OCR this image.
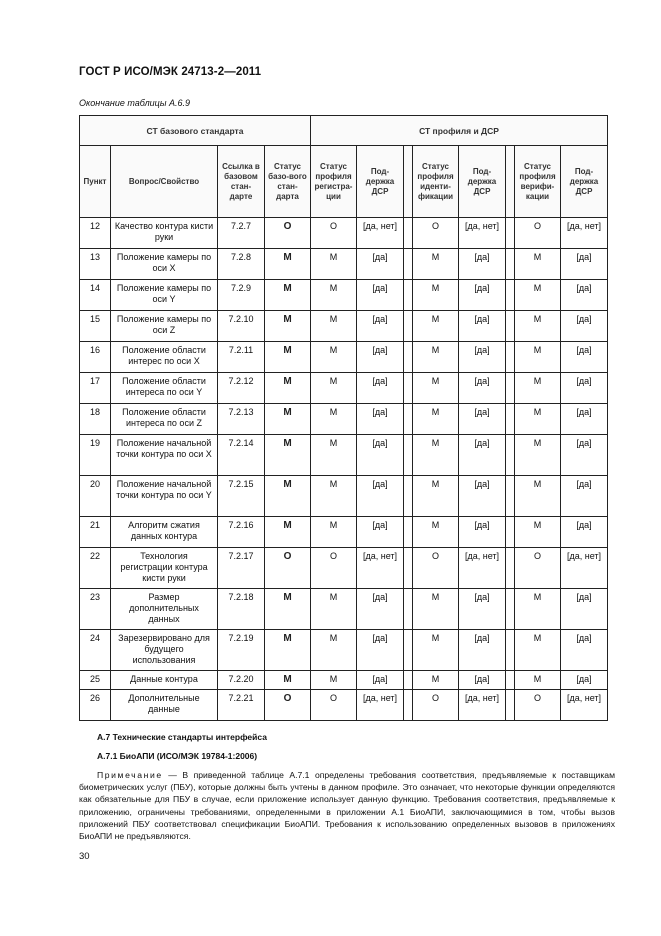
ГОСТ Р ИСО/МЭК 24713-2—2011
Окончание таблицы А.6.9
СТ базового стандарта				СТ профиля и ДСР							
Пункт	Вопрос/Свойство	Ссылка в базовом стан-дарте	Статус базо-вого стан-дарта	Статус профиля регистра-ции	Под-держка ДСР		Статус профиля иденти-фикации	Под-держка ДСР		Статус профиля верифи-кации	Под-держка ДСР
12	Качество контура кисти руки	7.2.7	O	O	[да, нет]		O	[да, нет]		O	[да, нет]
13	Положение камеры по оси X	7.2.8	M	M	[да]		M	[да]		M	[да]
14	Положение камеры по оси Y	7.2.9	M	M	[да]		M	[да]		M	[да]
15	Положение камеры по оси Z	7.2.10	M	M	[да]		M	[да]		M	[да]
16	Положение области интерес по оси X	7.2.11	M	M	[да]		M	[да]		M	[да]
17	Положение области интереса по оси Y	7.2.12	M	M	[да]		M	[да]		M	[да]
18	Положение области интереса по оси Z	7.2.13	M	M	[да]		M	[да]		M	[да]
19	Положение начальной точки контура по оси X	7.2.14	M	M	[да]		M	[да]		M	[да]
20	Положение начальной точки контура по оси Y	7.2.15	M	M	[да]		M	[да]		M	[да]
21	Алгоритм сжатия данных контура	7.2.16	M	M	[да]		M	[да]		M	[да]
22	Технология регистрации контура кисти руки	7.2.17	O	O	[да, нет]		O	[да, нет]		O	[да, нет]
23	Размер дополнительных данных	7.2.18	M	M	[да]		M	[да]		M	[да]
24	Зарезервировано для будущего использования	7.2.19	M	M	[да]		M	[да]		M	[да]
25	Данные контура	7.2.20	M	M	[да]		M	[да]		M	[да]
26	Дополнительные данные	7.2.21	O	O	[да, нет]		O	[да, нет]		O	[да, нет]
А.7 Технические стандарты интерфейса
А.7.1 БиоАПИ (ИСО/МЭК 19784-1:2006)
Примечание — В приведенной таблице А.7.1 определены требования соответствия, предъявляемые к поставщикам биометрических услуг (ПБУ), которые должны быть учтены в данном профиле. Это означает, что некоторые функции определяются как обязательные для ПБУ в случае, если приложение использует данную функцию. Требования соответствия, предъявляемые к приложению, ограничены требованиями, определенными в приложении А.1 БиоАПИ, заключающимися в том, чтобы вызов приложений ПБУ соответствовал спецификации БиоАПИ. Требования к использованию определенных вызовов в приложениях БиоАПИ не предъявляются.
30
